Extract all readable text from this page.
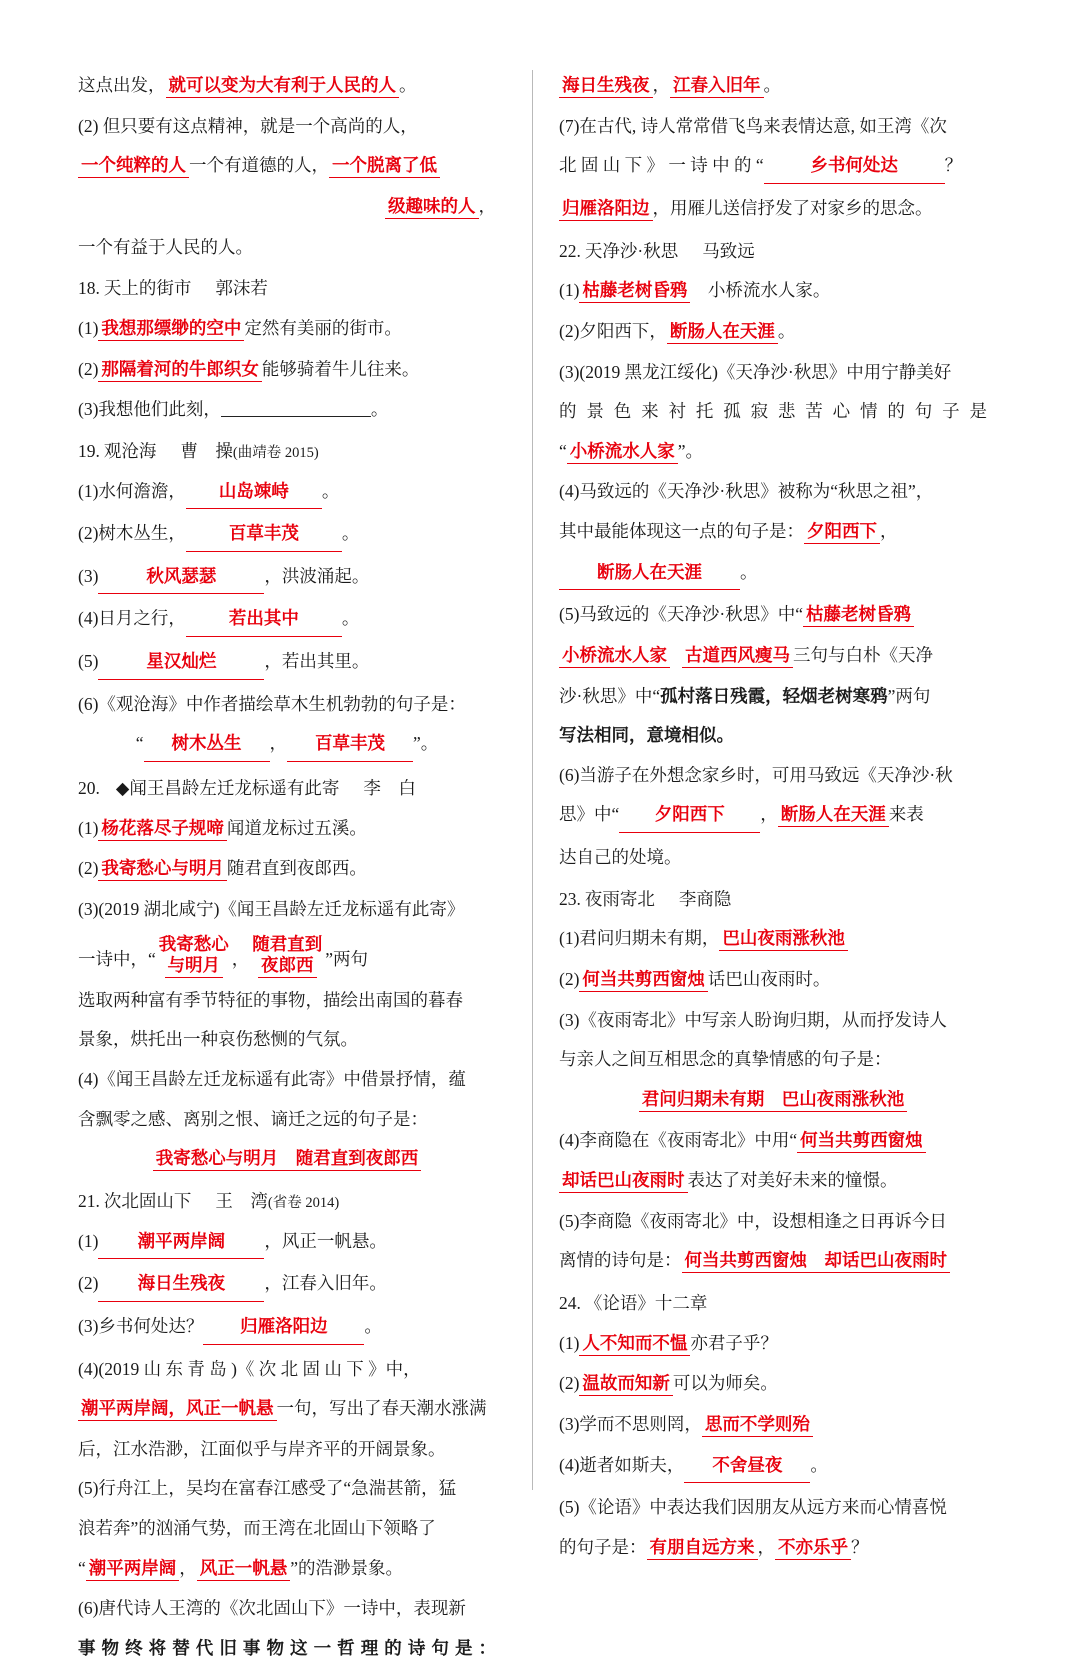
这点出发， 就可以变为大有利于人民的人 。

(2) 但只要有这点精神，就是一个高尚的人，

一个纯粹的人 一个有道德的人， 一个脱离了低

级趣味的人 ，

一个有益于人民的人。

18. 天上的街市 郭沫若

(1) 我想那缥缈的空中 定然有美丽的街市。

(2) 那隔着河的牛郎织女 能够骑着牛儿往来。

(3)我想他们此刻，	。

19. 观沧海 曹　操(曲靖卷 2015)

(1)水何澹澹， 山岛竦峙 。

(2)树木丛生， 百草丰茂 。

(3)	秋风瑟瑟	，洪波涌起。

(4)日月之行， 若出其中 。

(5)	星汉灿烂	，若出其里。

(6)《观沧海》中作者描绘草木生机勃勃的句子是：

“ 树木丛生 ， 百草丰茂 ”。

20. ◆闻王昌龄左迁龙标遥有此寄 李　白

(1) 杨花落尽子规啼 闻道龙标过五溪。

(2) 我寄愁心与明月 随君直到夜郎西。

(3)(2019 湖北咸宁)《闻王昌龄左迁龙标遥有此寄》

一诗中，“我寄愁心
与明月 ，随君直到
夜郎西 ”两句

选取两种富有季节特征的事物，描绘出南国的暮春

景象，烘托出一种哀伤愁恻的气氛。

(4)《闻王昌龄左迁龙标遥有此寄》中借景抒情，蕴

含飘零之感、离别之恨、谪迁之远的句子是：

我寄愁心与明月　随君直到夜郎西

21. 次北固山下 王　湾(省卷 2014)

(1) 潮平两岸阔 ，风正一帆悬。

(2) 海日生残夜 ，江春入旧年。

(3)乡书何处达？ 归雁洛阳边 。

(4)(2019 山 东 青 岛 )《 次 北 固 山 下 》中，

潮平两岸阔，风正一帆悬 一句，写出了春天潮水涨满

后，江水浩渺，江面似乎与岸齐平的开阔景象。

(5)行舟江上，吴均在富春江感受了“急湍甚箭，猛

浪若奔”的汹涌气势，而王湾在北固山下领略了

“ 潮平两岸阔 ， 风正一帆悬 ”的浩渺景象。

(6)唐代诗人王湾的《次北固山下》一诗中，表现新

事物终将替代旧事物这一哲理的诗句是：

海日生残夜 ， 江春入旧年 。

(7)在古代, 诗人常常借飞鸟来表情达意, 如王湾《次

北 固 山 下 》 一 诗 中 的 “	乡书何处达	？

归雁洛阳边 ，用雁儿送信抒发了对家乡的思念。

22. 天净沙·秋思 马致远

(1) 枯藤老树昏鸦　小桥流水人家。

(2)夕阳西下， 断肠人在天涯 。

(3)(2019 黑龙江绥化)《天净沙·秋思》中用宁静美好

的 景 色 来 衬 托 孤 寂 悲 苦 心 情 的 句 子 是

“ 小桥流水人家 ”。

(4)马致远的《天净沙·秋思》被称为“秋思之祖”，

其中最能体现这一点的句子是： 夕阳西下 ，

断肠人在天涯 。

(5)马致远的《天净沙·秋思》中“ 枯藤老树昏鸦

小桥流水人家 古道西风瘦马 三句与白朴《天净

沙·秋思》中“孤村落日残霞，轻烟老树寒鸦”两句

写法相同，意境相似。

(6)当游子在外想念家乡时，可用马致远《天净沙·秋

思》中“ 夕阳西下 ， 断肠人在天涯 来表

达自己的处境。

23. 夜雨寄北 李商隐

(1)君问归期未有期， 巴山夜雨涨秋池

(2) 何当共剪西窗烛 话巴山夜雨时。

(3)《夜雨寄北》中写亲人盼询归期，从而抒发诗人

与亲人之间互相思念的真挚情感的句子是：

君问归期未有期　巴山夜雨涨秋池

(4)李商隐在《夜雨寄北》中用“ 何当共剪西窗烛

却话巴山夜雨时 表达了对美好未来的憧憬。

(5)李商隐《夜雨寄北》中，设想相逢之日再诉今日

离情的诗句是： 何当共剪西窗烛　却话巴山夜雨时

24. 《论语》十二章

(1) 人不知而不愠 亦君子乎？

(2) 温故而知新 可以为师矣。

(3)学而不思则罔， 思而不学则殆

(4)逝者如斯夫， 不舍昼夜 。

(5)《论语》中表达我们因朋友从远方来而心情喜悦

的句子是： 有朋自远方来 ， 不亦乐乎 ？
